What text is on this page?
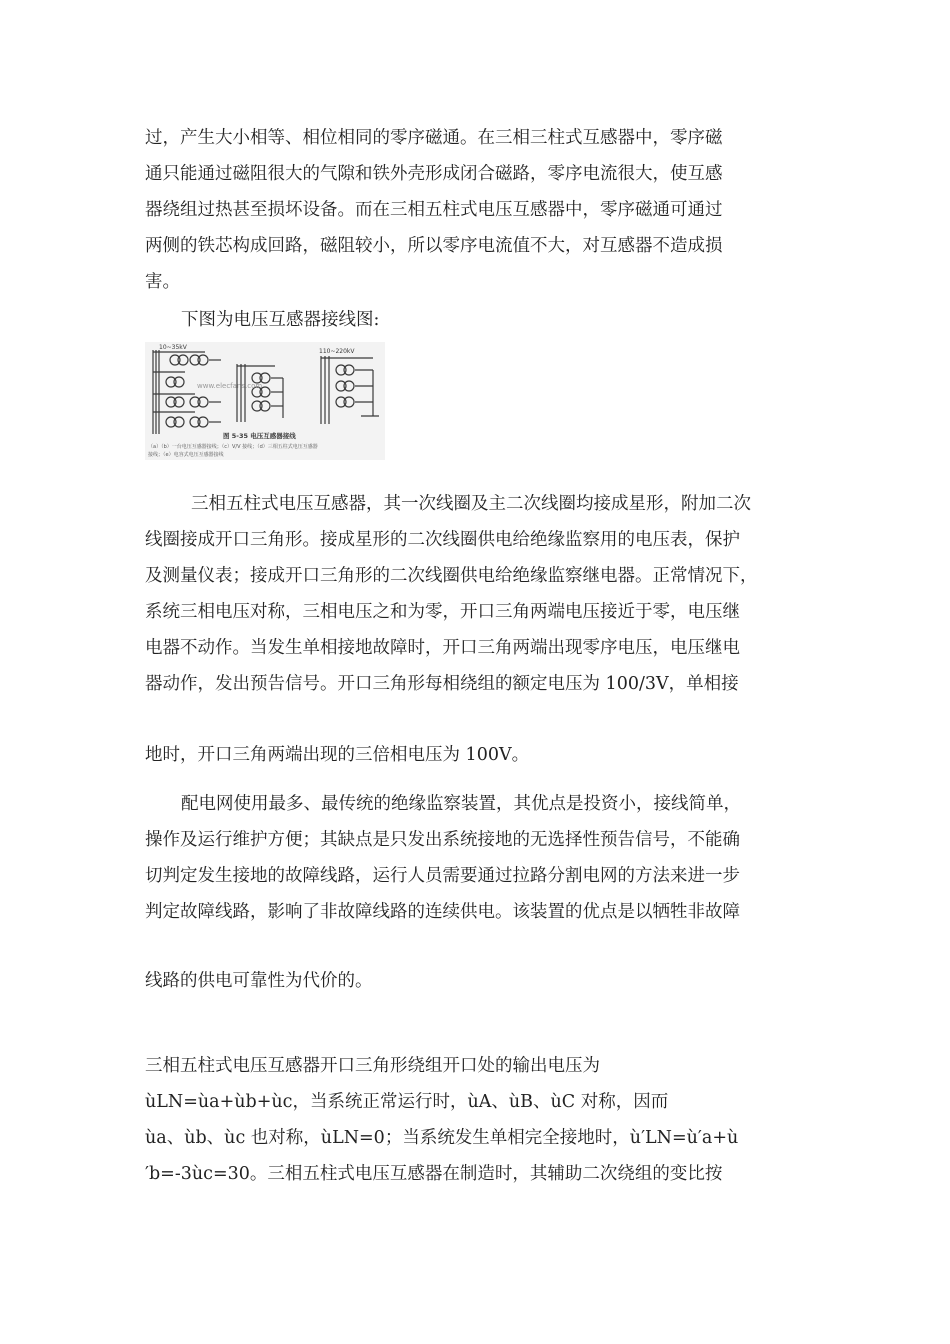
过，产生大小相等、相位相同的零序磁通。在三相三柱式互感器中，零序磁
通只能通过磁阻很大的气隙和铁外壳形成闭合磁路，零序电流很大，使互感
器绕组过热甚至损坏设备。而在三相五柱式电压互感器中，零序磁通可通过
两侧的铁芯构成回路，磁阻较小，所以零序电流值不大，对互感器不造成损
害。
下图为电压互感器接线图:
10~35kV
110~220kV
www.elecfans.com
图 5-35 电压互感器接线
（a）（b）一台电压互感器接线；（c）V/V 接线；（d）三相五柱式电压互感器
接线；（e）电容式电压互感器接线
三相五柱式电压互感器，其一次线圈及主二次线圈均接成星形，附加二次
线圈接成开口三角形。接成星形的二次线圈供电给绝缘监察用的电压表，保护
及测量仪表；接成开口三角形的二次线圈供电给绝缘监察继电器。正常情况下，
系统三相电压对称，三相电压之和为零，开口三角两端电压接近于零，电压继
电器不动作。当发生单相接地故障时，开口三角两端出现零序电压，电压继电
器动作，发出预告信号。开口三角形每相绕组的额定电压为 100/3V，单相接
地时，开口三角两端出现的三倍相电压为 100V。
配电网使用最多、最传统的绝缘监察装置，其优点是投资小，接线简单，
操作及运行维护方便；其缺点是只发出系统接地的无选择性预告信号，不能确
切判定发生接地的故障线路，运行人员需要通过拉路分割电网的方法来进一步
判定故障线路，影响了非故障线路的连续供电。该装置的优点是以牺牲非故障
线路的供电可靠性为代价的。
三相五柱式电压互感器开口三角形绕组开口处的输出电压为
ùLN=ùa+ùb+ùc，当系统正常运行时，ùA、ùB、ùC 对称，因而
ùa、ùb、ùc 也对称，ùLN=0；当系统发生单相完全接地时，ù′LN=ù′a+ù
′b=-3ùc=30。三相五柱式电压互感器在制造时，其辅助二次绕组的变比按
